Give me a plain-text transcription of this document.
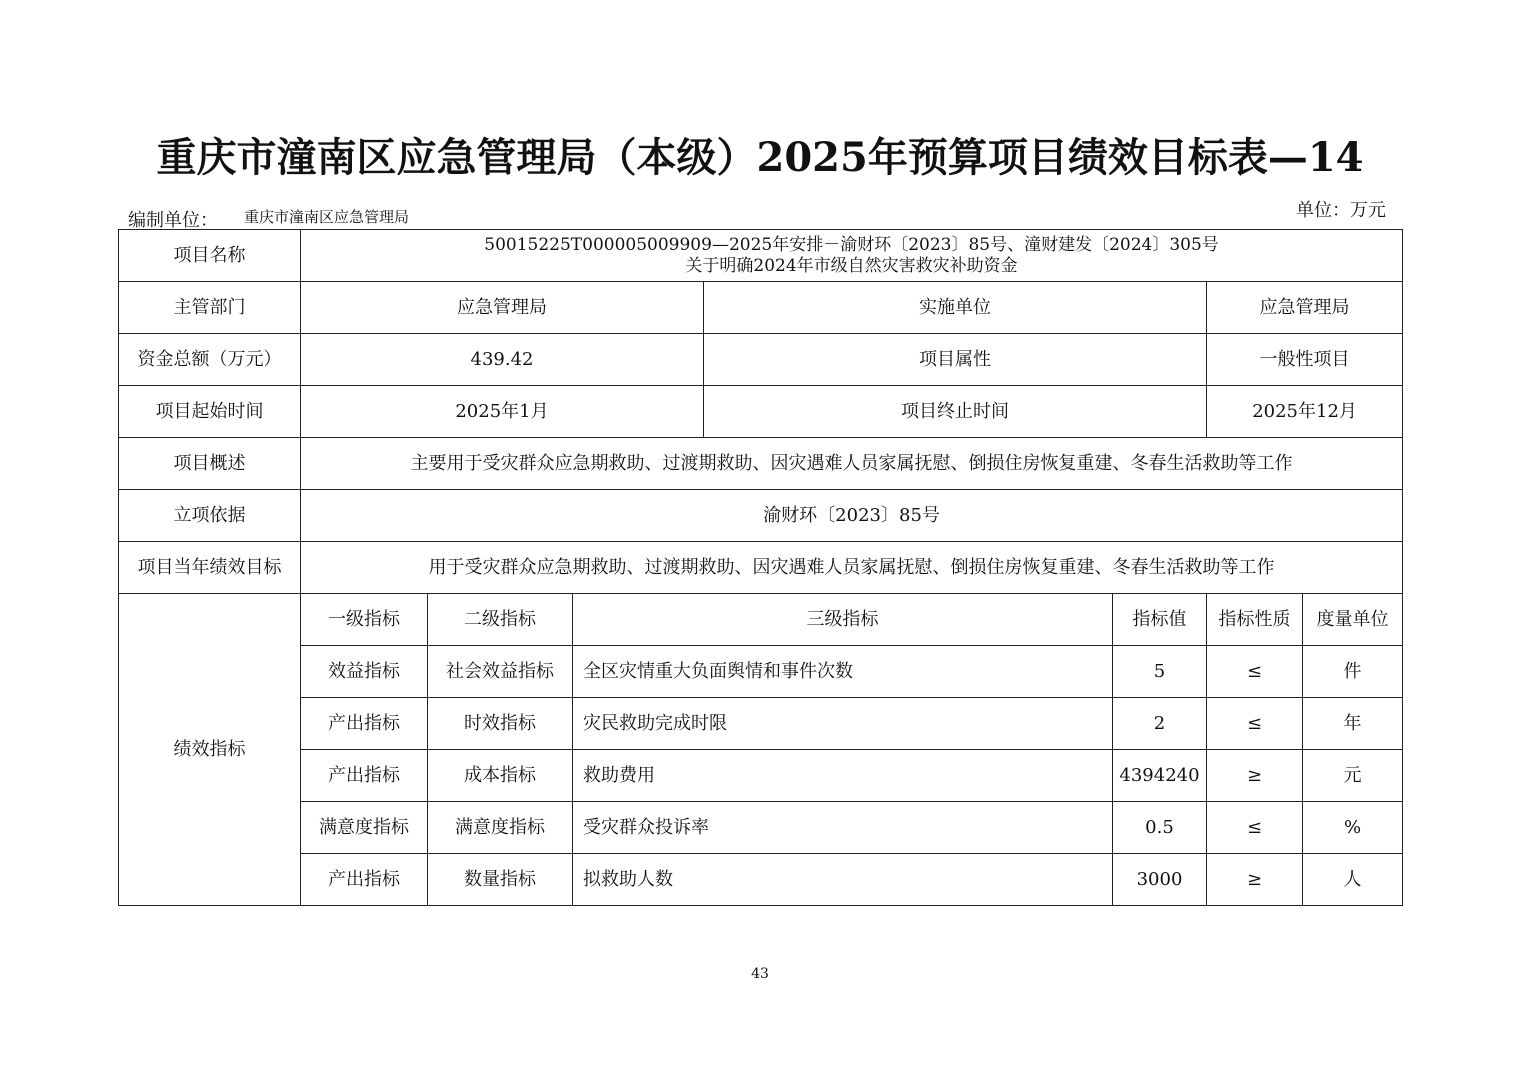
重庆市潼南区应急管理局（本级）2025年预算项目绩效目标表—14
编制单位： 重庆市潼南区应急管理局	单位：万元
项目名称	50015225T000005009909—2025年安排－渝财环〔2023〕85号、潼财建发〔2024〕305号
关于明确2024年市级自然灾害救灾补助资金						

主管部门	应急管理局			实施单位		应急管理局	
资金总额（万元）	439.42			项目属性		一般性项目	
项目起始时间	2025年1月			项目终止时间		2025年12月	
项目概述	主要用于受灾群众应急期救助、过渡期救助、因灾遇难人员家属抚慰、倒损住房恢复重建、冬春生活救助等工作						
立项依据	渝财环〔2023〕85号						
项目当年绩效目标	用于受灾群众应急期救助、过渡期救助、因灾遇难人员家属抚慰、倒损住房恢复重建、冬春生活救助等工作						
绩效指标	一级指标	二级指标	三级指标		指标值	指标性质	度量单位
	效益指标	社会效益指标	全区灾情重大负面舆情和事件次数		5	≤	件
	产出指标	时效指标	灾民救助完成时限		2	≤	年
	产出指标	成本指标	救助费用		4394240	≥	元
	满意度指标	满意度指标	受灾群众投诉率		0.5	≤	%
	产出指标	数量指标	拟救助人数		3000	≥	人
43
